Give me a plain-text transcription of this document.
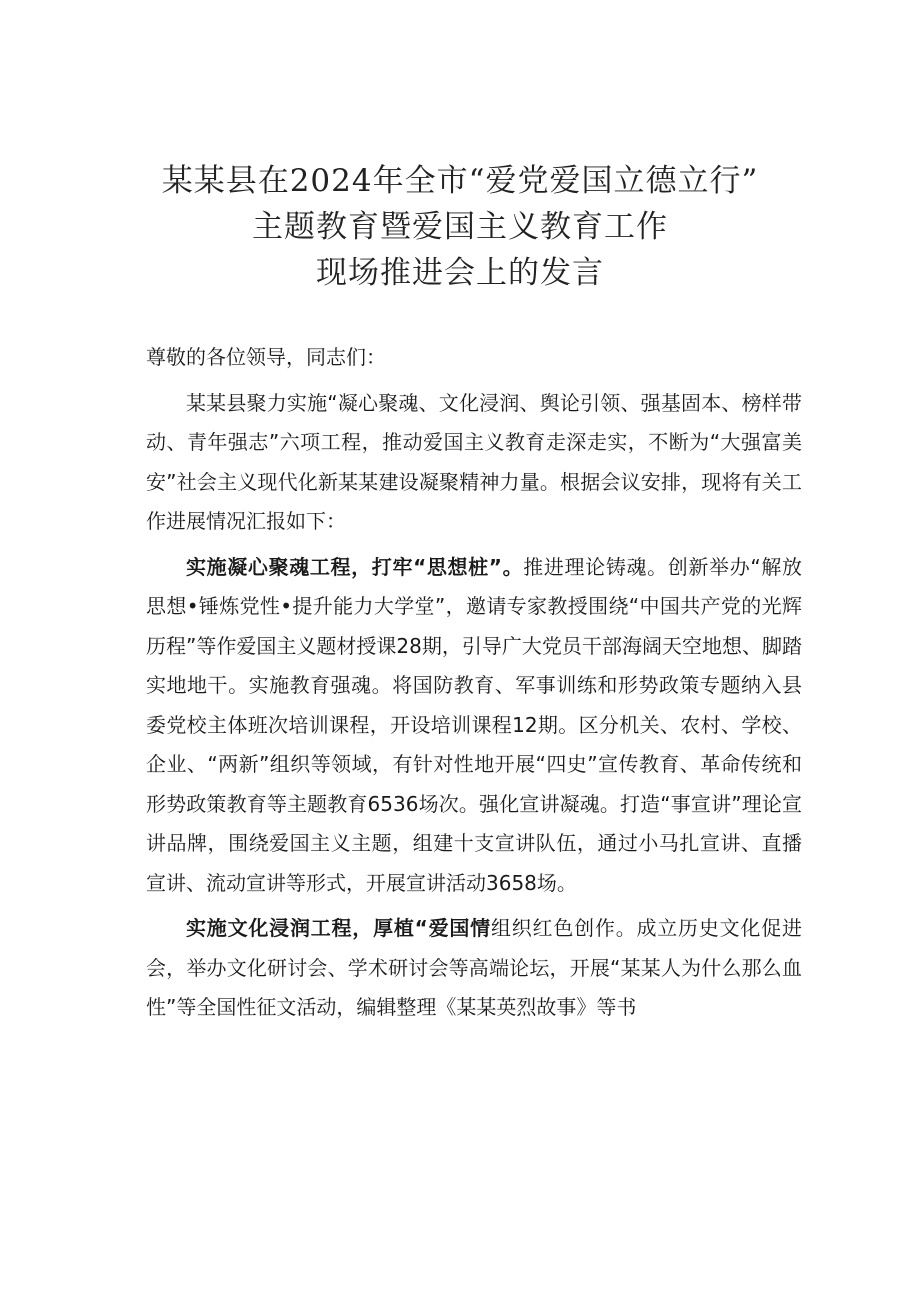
某某县在2024年全市“爱党爱国立德立行”
主题教育暨爱国主义教育工作
现场推进会上的发言

尊敬的各位领导，同志们：

某某县聚力实施“凝心聚魂、文化浸润、舆论引领、强基固本、榜样带动、青年强志”六项工程，推动爱国主义教育走深走实，不断为“大强富美安”社会主义现代化新某某建设凝聚精神力量。根据会议安排，现将有关工作进展情况汇报如下：

实施凝心聚魂工程，打牢“思想桩”。推进理论铸魂。创新举办“解放思想•锤炼党性•提升能力大学堂”，邀请专家教授围绕“中国共产党的光辉历程”等作爱国主义题材授课28期，引导广大党员干部海阔天空地想、脚踏实地地干。实施教育强魂。将国防教育、军事训练和形势政策专题纳入县委党校主体班次培训课程，开设培训课程12期。区分机关、农村、学校、企业、“两新”组织等领域，有针对性地开展“四史”宣传教育、革命传统和形势政策教育等主题教育6536场次。强化宣讲凝魂。打造“事宣讲”理论宣讲品牌，围绕爱国主义主题，组建十支宣讲队伍，通过小马扎宣讲、直播宣讲、流动宣讲等形式，开展宣讲活动3658场。

实施文化浸润工程，厚植“爱国情组织红色创作。成立历史文化促进会，举办文化研讨会、学术研讨会等高端论坛，开展“某某人为什么那么血性”等全国性征文活动，编辑整理《某某英烈故事》等书
